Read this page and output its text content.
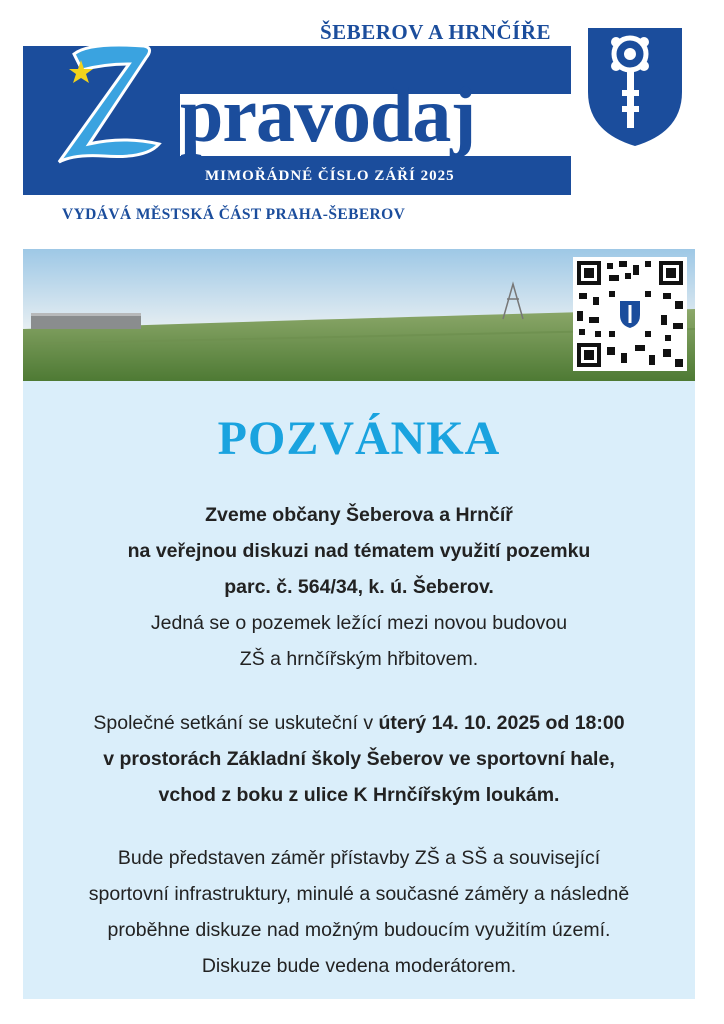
ŠEBEROV A HRNČÍŘE
pravodaj
MIMOŘÁDNÉ ČÍSLO ZÁŘÍ 2025
VYDÁVÁ MĚSTSKÁ ČÁST PRAHA-ŠEBEROV
POZVÁNKA
Zveme občany Šeberova a Hrnčíř
na veřejnou diskuzi nad tématem využití pozemku
parc. č. 564/34, k. ú. Šeberov.
Jedná se o pozemek ležící mezi novou budovou
ZŠ a hrnčířským hřbitovem.
Společné setkání se uskuteční v úterý 14. 10. 2025 od 18:00
v prostorách Základní školy Šeberov ve sportovní hale,
vchod z boku z ulice K Hrnčířským loukám.
Bude představen záměr přístavby ZŠ a SŠ a související
sportovní infrastruktury, minulé a současné záměry a následně
proběhne diskuze nad možným budoucím využitím území.
Diskuze bude vedena moderátorem.
